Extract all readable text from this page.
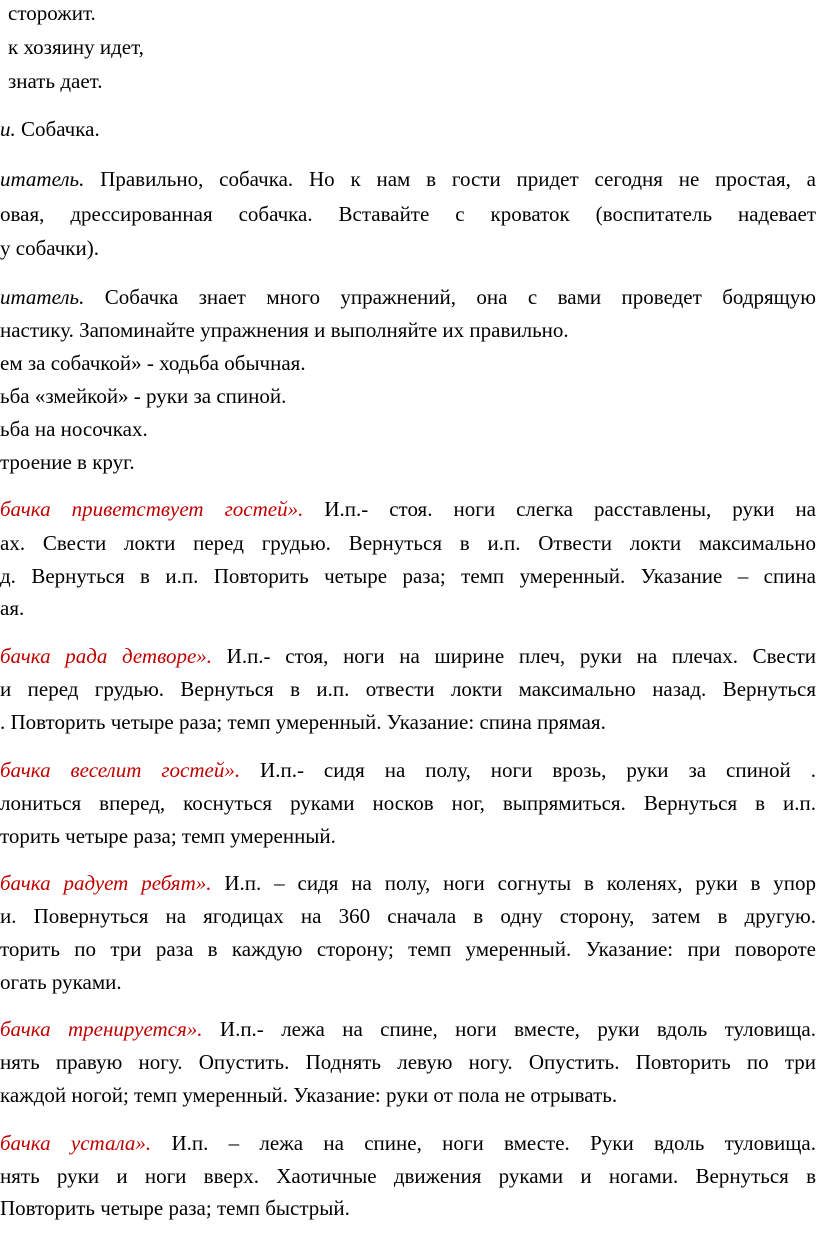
сторожит.
к хозяину идет,
знать дает.
и. Собачка.
итатель. Правильно, собачка. Но к нам в гости придет сегодня не простая, а
овая, дрессированная собачка. Вставайте с кроваток (воспитатель надевает
у собачки).
итатель. Собачка знает много упражнений, она с вами проведет бодрящую
настику. Запоминайте упражнения и выполняйте их правильно.
ем за собачкой» - ходьба обычная.
ьба «змейкой» - руки за спиной.
ьба на носочках.
троение в круг.
бачка приветствует гостей». И.п.- стоя. ноги слегка расставлены, руки на
ах. Свести локти перед грудью. Вернуться в и.п. Отвести локти максимально
д. Вернуться в и.п. Повторить четыре раза; темп умеренный. Указание – спина
ая.
бачка рада детворе». И.п.- стоя, ноги на ширине плеч, руки на плечах. Свести
и перед грудью. Вернуться в и.п. отвести локти максимально назад. Вернуться
. Повторить четыре раза; темп умеренный. Указание: спина прямая.
бачка веселит гостей». И.п.- сидя на полу, ноги врозь, руки за спиной .
лониться вперед, коснуться руками носков ног, выпрямиться. Вернуться в и.п.
торить четыре раза; темп умеренный.
бачка радует ребят». И.п. – сидя на полу, ноги согнуты в коленях, руки в упор
и. Повернуться на ягодицах на 360 сначала в одну сторону, затем в другую.
торить по три раза в каждую сторону; темп умеренный. Указание: при повороте
огать руками.
бачка тренируется». И.п.- лежа на спине, ноги вместе, руки вдоль туловища.
нять правую ногу. Опустить. Поднять левую ногу. Опустить. Повторить по три
каждой ногой; темп умеренный. Указание: руки от пола не отрывать.
бачка устала». И.п. – лежа на спине, ноги вместе. Руки вдоль туловища.
нять руки и ноги вверх. Хаотичные движения руками и ногами. Вернуться в
Повторить четыре раза; темп быстрый.
